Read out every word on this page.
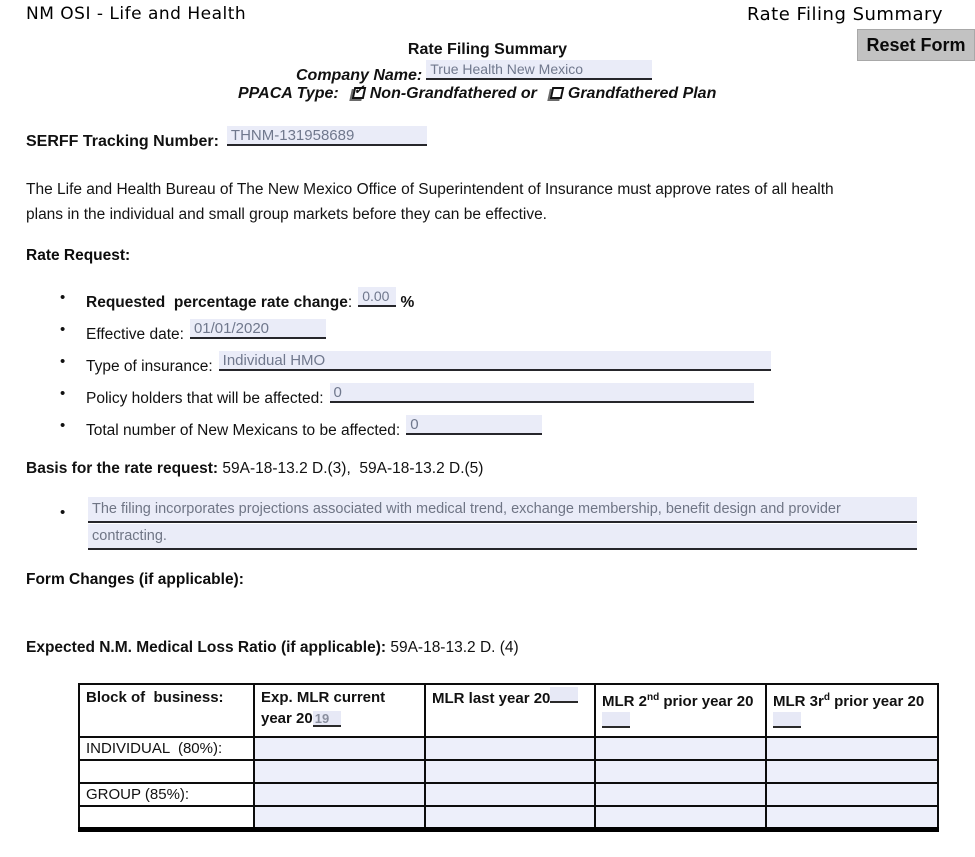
NM OSI - Life and Health	Rate Filing Summary
Reset Form
Rate Filing Summary
Company Name: True Health New Mexico
PPACA Type: ✓ Non-Grandfathered or Grandfathered Plan
SERFF Tracking Number: THNM-131958689

The Life and Health Bureau of The New Mexico Office of Superintendent of Insurance must approve rates of all health plans in the individual and small group markets before they can be effective.

Rate Request:
• Requested  percentage rate change: 0.00 %
• Effective date: 01/01/2020
• Type of insurance: Individual HMO
• Policy holders that will be affected: 0
• Total number of New Mexicans to be affected: 0
Basis for the rate request: 59A-18-13.2 D.(3),  59A-18-13.2 D.(5)
• The filing incorporates projections associated with medical trend, exchange membership, benefit design and provider
contracting.
Form Changes (if applicable):
Expected N.M. Medical Loss Ratio (if applicable): 59A-18-13.2 D. (4)
Block of  business:	Exp. MLR current year 20 19	MLR last year 20	MLR 2nd prior year 20	MLR $3r^d$ prior year 20
INDIVIDUAL  (80%):				

GROUP (85%):				
